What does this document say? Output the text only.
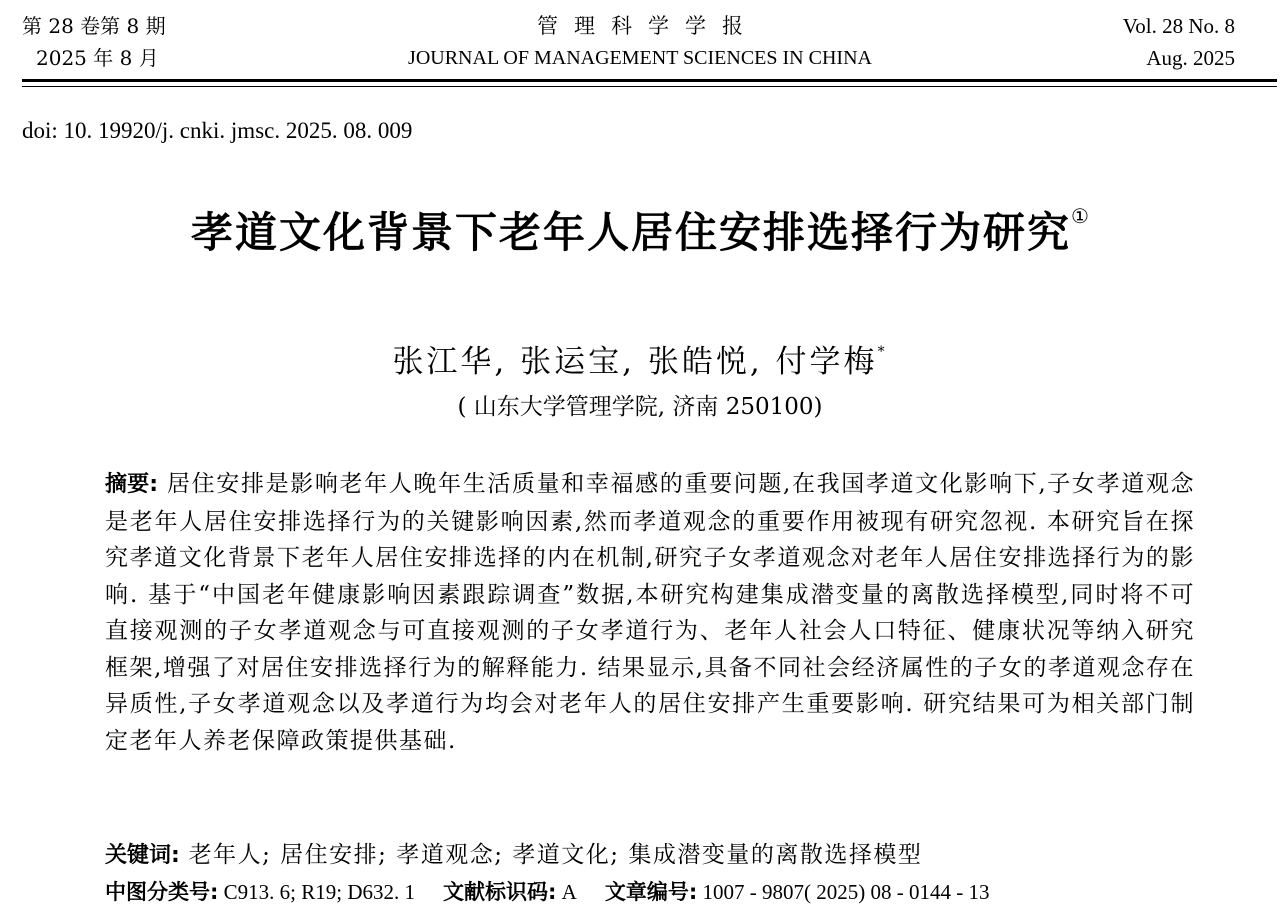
第 28 卷第 8 期
2025 年 8 月
管理科学学报
JOURNAL OF MANAGEMENT SCIENCES IN CHINA
Vol. 28 No. 8
Aug. 2025
doi: 10. 19920/j. cnki. jmsc. 2025. 08. 009
孝道文化背景下老年人居住安排选择行为研究①
张江华, 张运宝, 张皓悦, 付学梅*
( 山东大学管理学院, 济南 250100)
摘要: 居住安排是影响老年人晚年生活质量和幸福感的重要问题,在我国孝道文化影响下,子女孝道观念是老年人居住安排选择行为的关键影响因素,然而孝道观念的重要作用被现有研究忽视. 本研究旨在探究孝道文化背景下老年人居住安排选择的内在机制,研究子女孝道观念对老年人居住安排选择行为的影响. 基于“中国老年健康影响因素跟踪调查”数据,本研究构建集成潜变量的离散选择模型,同时将不可直接观测的子女孝道观念与可直接观测的子女孝道行为、老年人社会人口特征、健康状况等纳入研究框架,增强了对居住安排选择行为的解释能力. 结果显示,具备不同社会经济属性的子女的孝道观念存在异质性,子女孝道观念以及孝道行为均会对老年人的居住安排产生重要影响. 研究结果可为相关部门制定老年人养老保障政策提供基础.
关键词: 老年人; 居住安排; 孝道观念; 孝道文化; 集成潜变量的离散选择模型
中图分类号: C913. 6; R19; D632. 1 文献标识码: A 文章编号: 1007 - 9807( 2025) 08 - 0144 - 13
